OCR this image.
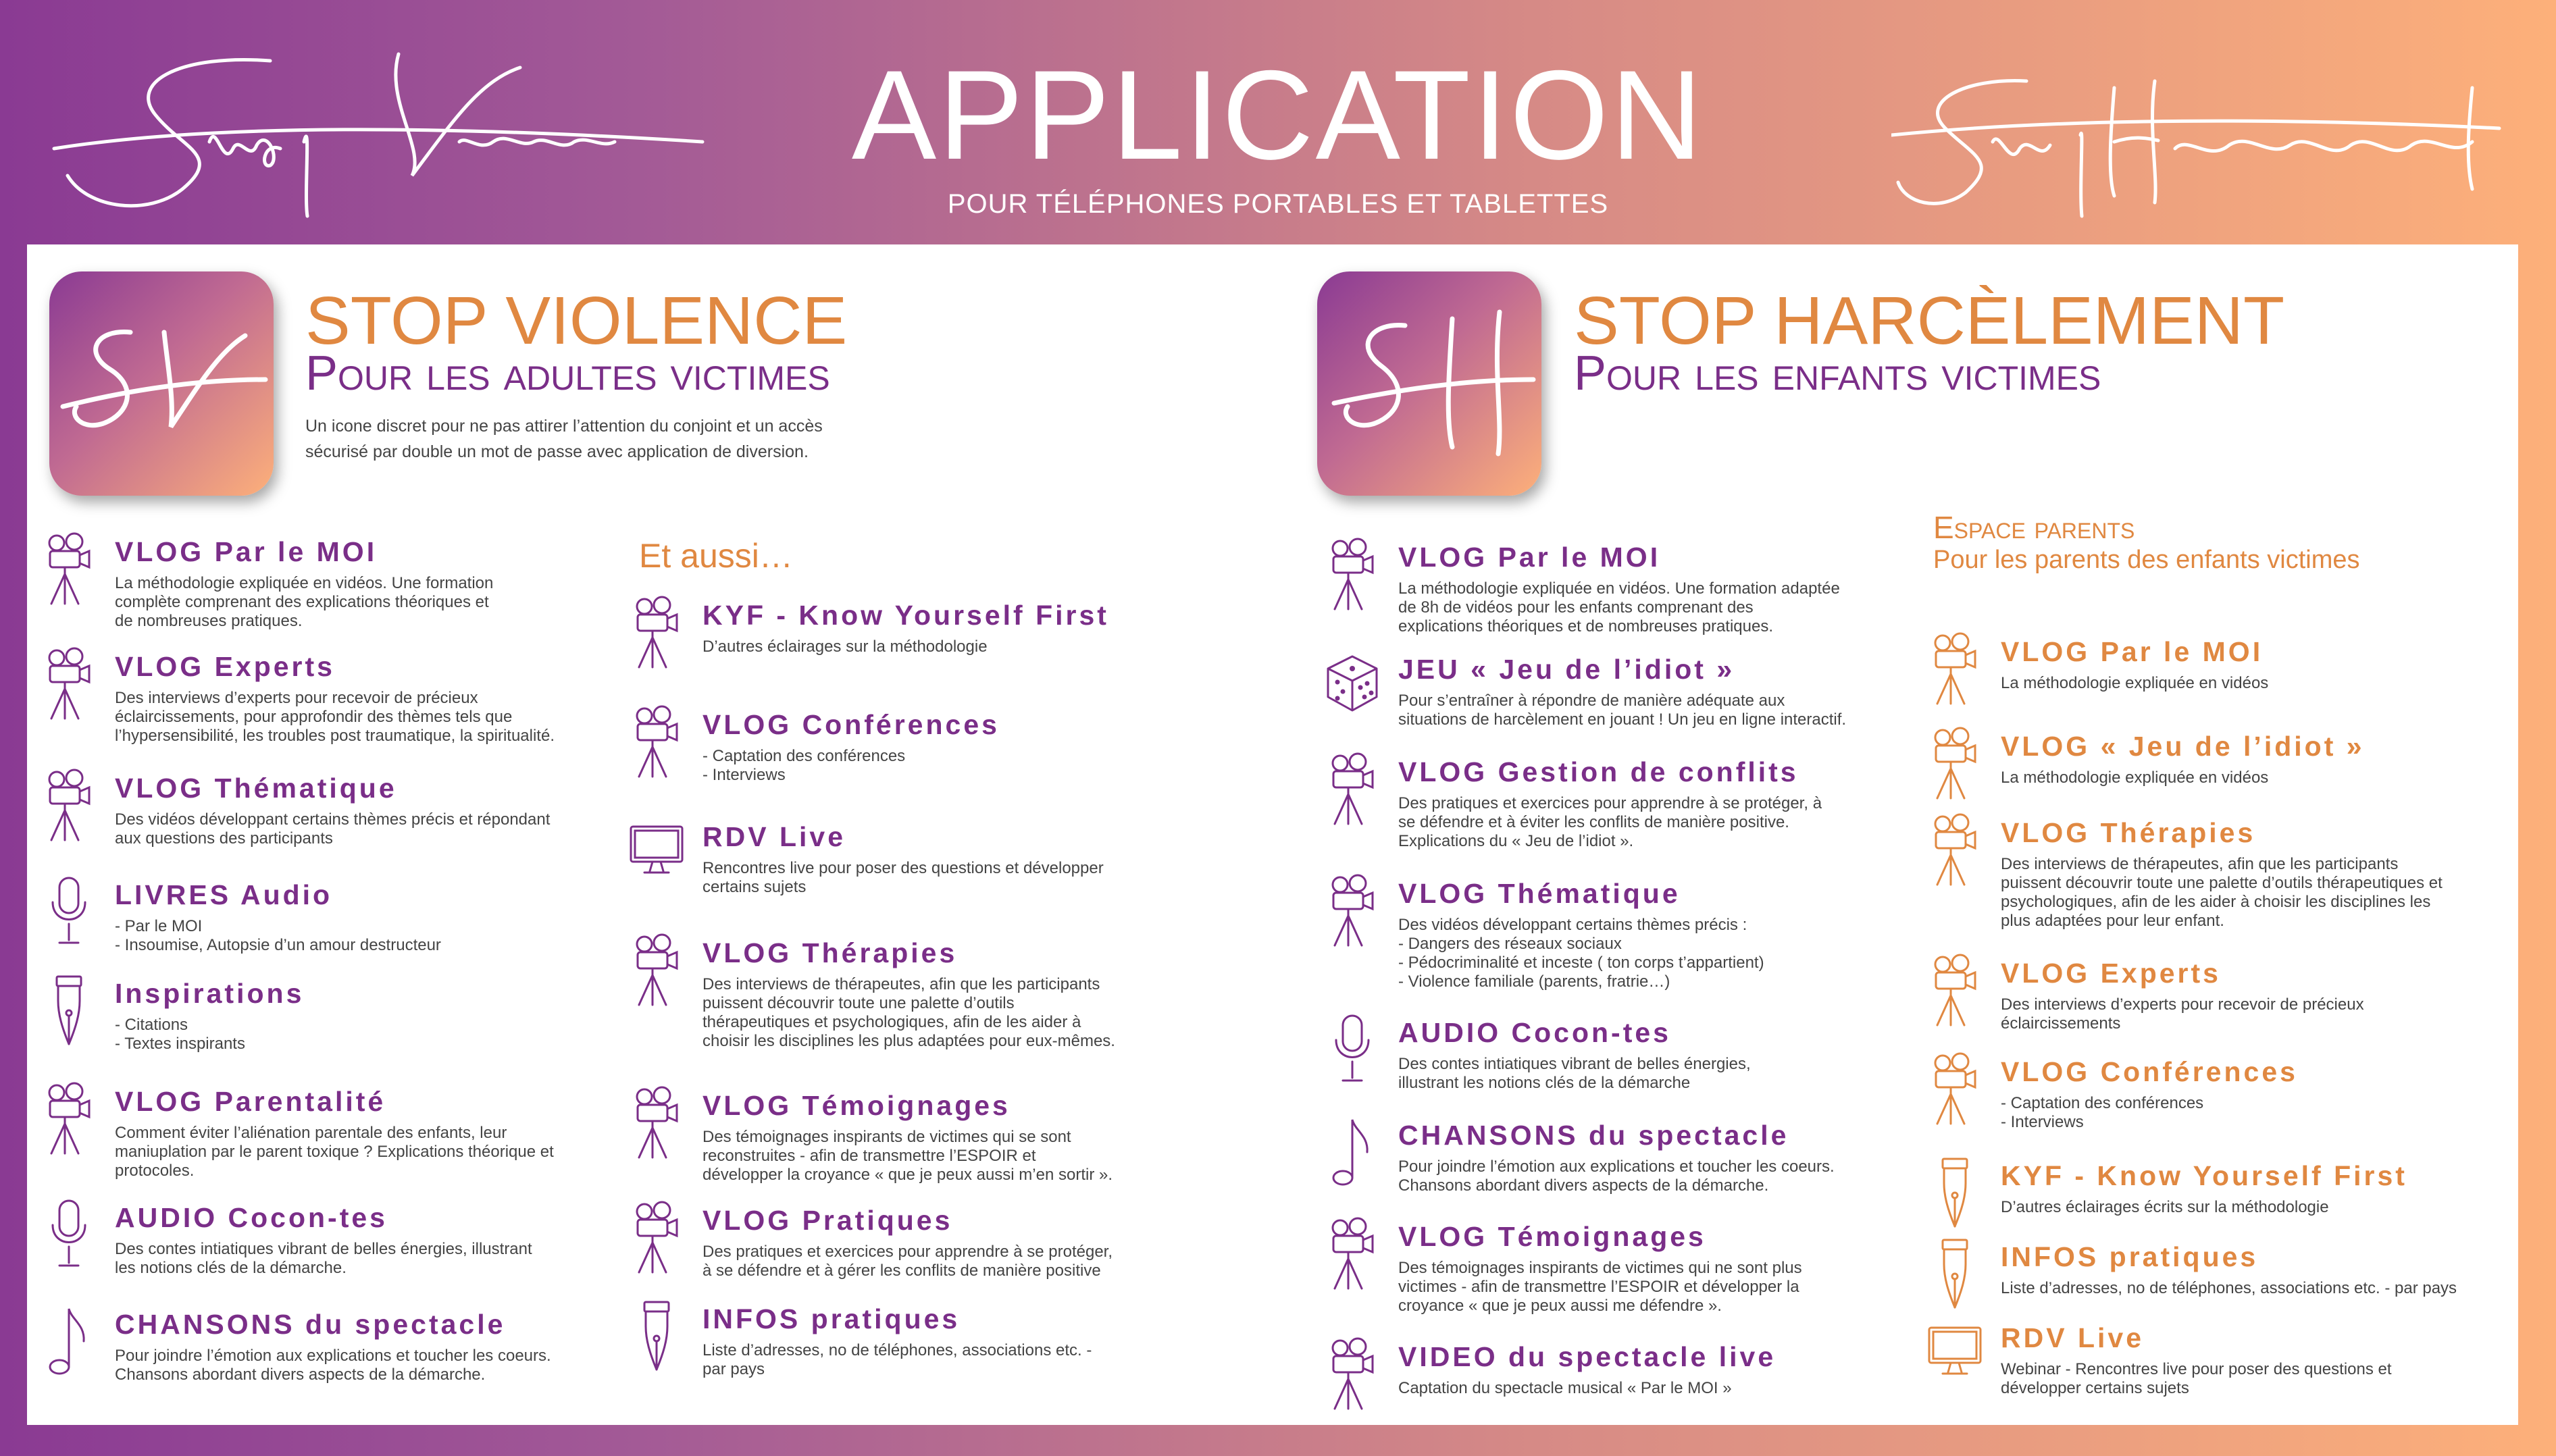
APPLICATION
POUR TÉLÉPHONES PORTABLES ET TABLETTES
STOP VIOLENCE
Pour les adultes victimes
Un icone discret pour ne pas attirer l’attention du conjoint et un accès
sécurisé par double un mot de passe avec application de diversion.
STOP HARCÈLEMENT
Pour les enfants victimes
Et aussi…
Espace parents
Pour les parents des enfants victimes
VLOG Par le MOI
La méthodologie expliquée en vidéos. Une formation
complète comprenant des explications théoriques et
de nombreuses pratiques.
VLOG Experts
Des interviews d’experts pour recevoir de précieux
éclaircissements, pour approfondir des thèmes tels que
l’hypersensibilité, les troubles post traumatique, la spiritualité.
VLOG Thématique
Des vidéos développant certains thèmes précis et répondant
aux questions des participants
LIVRES Audio
- Par le MOI
- Insoumise, Autopsie d’un amour destructeur
Inspirations
- Citations
- Textes inspirants
VLOG Parentalité
Comment éviter l’aliénation parentale des enfants, leur
maniuplation par le parent toxique ? Explications théorique et
protocoles.
AUDIO Cocon-tes
Des contes intiatiques vibrant de belles énergies, illustrant
les notions clés de la démarche.
CHANSONS du spectacle
Pour joindre l’émotion aux explications et toucher les coeurs.
Chansons abordant divers aspects de la démarche.
KYF - Know Yourself First
D’autres éclairages sur la méthodologie
VLOG Conférences
- Captation des conférences
- Interviews
RDV Live
Rencontres live pour poser des questions et développer
certains sujets
VLOG Thérapies
Des interviews de thérapeutes, afin que les participants
puissent découvrir toute une palette d’outils
thérapeutiques et psychologiques, afin de les aider à
choisir les disciplines les plus adaptées pour eux-mêmes.
VLOG Témoignages
Des témoignages inspirants de victimes qui se sont
reconstruites - afin de transmettre l’ESPOIR et
développer la croyance « que je peux aussi m’en sortir ».
VLOG Pratiques
Des pratiques et exercices pour apprendre à se protéger,
à se défendre et à gérer les conflits de manière positive
INFOS pratiques
Liste d’adresses, no de téléphones, associations etc. -
par pays
VLOG Par le MOI
La méthodologie expliquée en vidéos. Une formation adaptée
de 8h de vidéos pour les enfants comprenant des
explications théoriques et de nombreuses pratiques.
JEU « Jeu de l’idiot »
Pour s’entraîner à répondre de manière adéquate aux
situations de harcèlement en jouant ! Un jeu en ligne interactif.
VLOG Gestion de conflits
Des pratiques et exercices pour apprendre à se protéger, à
se défendre et à éviter les conflits de manière positive.
Explications du « Jeu de l’idiot ».
VLOG Thématique
Des vidéos développant certains thèmes précis :
- Dangers des réseaux sociaux
- Pédocriminalité et inceste ( ton corps t’appartient)
- Violence familiale (parents, fratrie…)
AUDIO Cocon-tes
Des contes intiatiques vibrant de belles énergies,
illustrant les notions clés de la démarche
CHANSONS du spectacle
Pour joindre l’émotion aux explications et toucher les coeurs.
Chansons abordant divers aspects de la démarche.
VLOG Témoignages
Des témoignages inspirants de victimes qui ne sont plus
victimes - afin de transmettre l’ESPOIR et développer la
croyance « que je peux aussi me défendre ».
VIDEO du spectacle live
Captation du spectacle musical « Par le MOI »
VLOG Par le MOI
La méthodologie expliquée en vidéos
VLOG « Jeu de l’idiot »
La méthodologie expliquée en vidéos
VLOG Thérapies
Des interviews de thérapeutes, afin que les participants
puissent découvrir toute une palette d’outils thérapeutiques et
psychologiques, afin de les aider à choisir les disciplines les
plus adaptées pour leur enfant.
VLOG Experts
Des interviews d’experts pour recevoir de précieux
éclaircissements
VLOG Conférences
- Captation des conférences
- Interviews
KYF - Know Yourself First
D’autres éclairages écrits sur la méthodologie
INFOS pratiques
Liste d’adresses, no de téléphones, associations etc. - par pays
RDV Live
Webinar - Rencontres live pour poser des questions et
développer certains sujets
